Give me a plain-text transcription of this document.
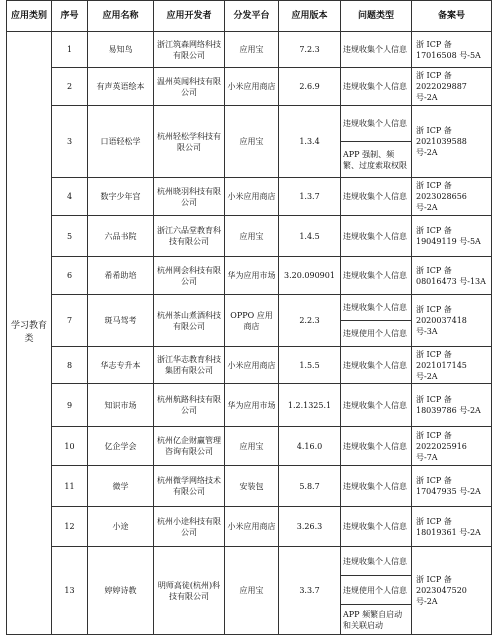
应用类别	序号	应用名称	应用开发者	分发平台	应用版本	问题类型	备案号
学习教育类	1	易知鸟	浙江筑森网络科技有限公司	应用宝	7.2.3	违规收集个人信息	浙 ICP 备17016508 号-5A
	2	有声英语绘本	温州英闻科技有限公司	小米应用商店	2.6.9	违规收集个人信息	浙 ICP 备2022029887 号-2A
	3	口语轻松学	杭州轻松学科技有限公司	应用宝	1.3.4	违规收集个人信息	浙 ICP 备2021039588 号-2A
						APP 强制、频繁、过度索取权限	
	4	数字少年宫	杭州晓羽科技有限公司	小米应用商店	1.3.7	违规收集个人信息	浙 ICP 备2023028656 号-2A
	5	六品书院	浙江六品堂教育科技有限公司	应用宝	1.4.5	违规收集个人信息	浙 ICP 备19049119 号-5A
	6	希希助培	杭州网会科技有限公司	华为应用市场	3.20.090901	违规收集个人信息	浙 ICP 备08016473 号-13A
	7	斑马驾考	杭州茶山煮酒科技有限公司	OPPO 应用商店	2.2.3	违规收集个人信息	浙 ICP 备2020037418 号-3A
						违规使用个人信息	
	8	华志专升本	浙江华志教育科技集团有限公司	小米应用商店	1.5.5	违规收集个人信息	浙 ICP 备2021017145 号-2A
	9	知识市场	杭州航路科技有限公司	华为应用市场	1.2.1325.1	违规收集个人信息	浙 ICP 备18039786 号-2A
	10	亿企学会	杭州亿企财赢管理咨询有限公司	应用宝	4.16.0	违规收集个人信息	浙 ICP 备2022025916 号-7A
	11	微学	杭州微学网络技术有限公司	安装包	5.8.7	违规收集个人信息	浙 ICP 备17047935 号-2A
	12	小途	杭州小途科技有限公司	小米应用商店	3.26.3	违规收集个人信息	浙 ICP 备18019361 号-2A
	13	婷婷诗教	明师高徒(杭州)科技有限公司	应用宝	3.3.7	违规收集个人信息	浙 ICP 备2023047520 号-2A
						违规使用个人信息	
						APP 频繁自启动和关联启动	
